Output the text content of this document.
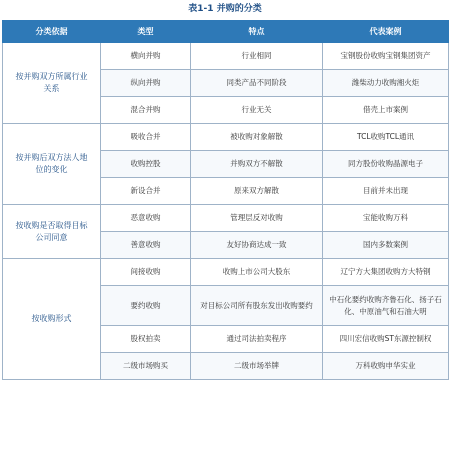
表1-1 并购的分类
分类依据	类型	特点	代表案例
按并购双方所属行业关系	横向并购	行业相同	宝钢股份收购宝钢集团资产
	纵向并购	同类产品不同阶段	潍柴动力收购湘火炬
	混合并购	行业无关	借壳上市案例
按并购后双方法人地位的变化	吸收合并	被收购对象解散	TCL收购TCL通讯
	收购控股	并购双方不解散	同方股份收购晶源电子
	新设合并	原来双方解散	目前并未出现
按收购是否取得目标公司同意	恶意收购	管理层反对收购	宝能收购万科
	善意收购	友好协商达成一致	国内多数案例
按收购形式	间接收购	收购上市公司大股东	辽宁方大集团收购方大特钢
	要约收购	对目标公司所有股东发出收购要约	中石化要约收购齐鲁石化、扬子石化、中原油气和石油大明
	股权拍卖	通过司法拍卖程序	四川宏信收购ST东源控制权
	二级市场购买	二级市场举牌	万科收购申华实业
